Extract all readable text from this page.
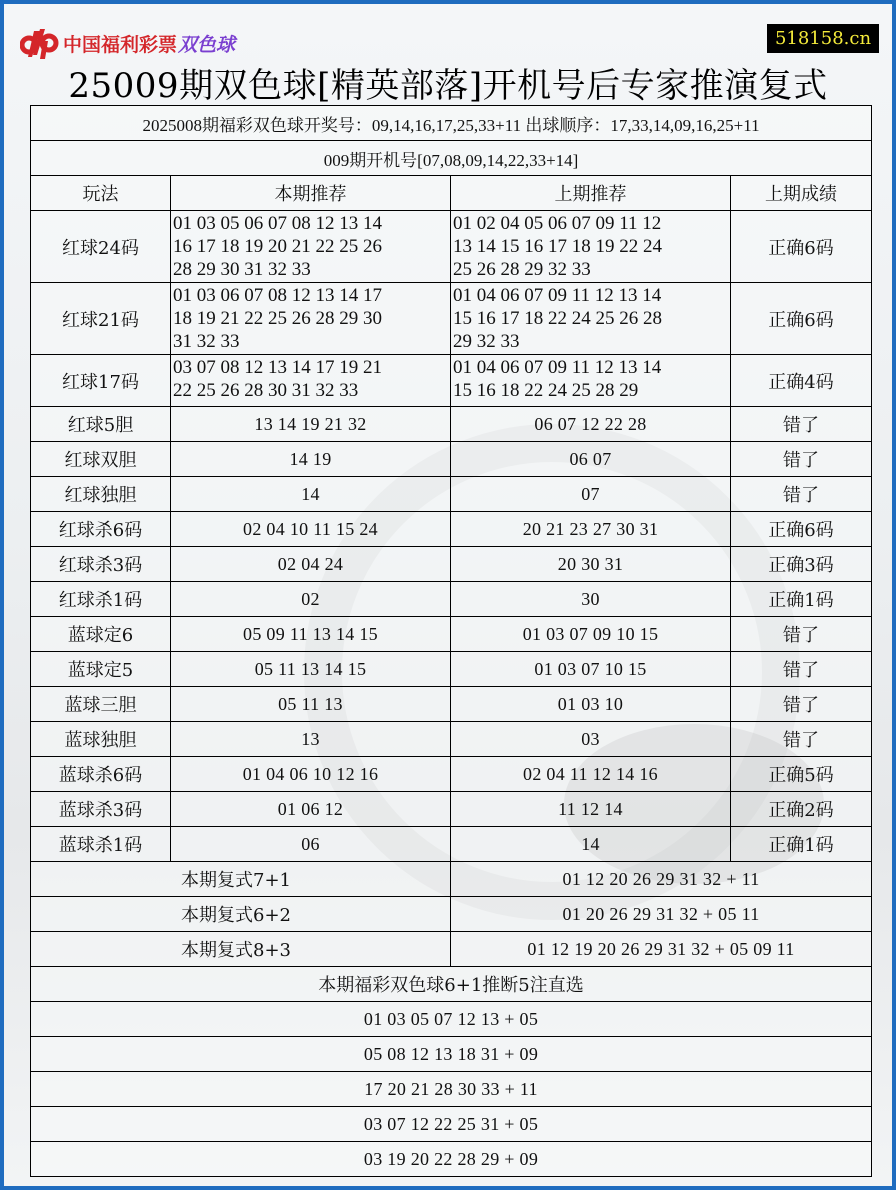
中国福利彩票 双色球	518158.cn
25009期双色球[精英部落]开机号后专家推演复式
2025008期福彩双色球开奖号：09,14,16,17,25,33+11 出球顺序：17,33,14,09,16,25+11			
009期开机号[07,08,09,14,22,33+14]			
玩法	本期推荐	上期推荐	上期成绩
红球24码	01 03 05 06 07 08 12 13 14
16 17 18 19 20 21 22 25 26
28 29 30 31 32 33	01 02 04 05 06 07 09 11 12
13 14 15 16 17 18 19 22 24
25 26 28 29 32 33	正确6码
红球21码	01 03 06 07 08 12 13 14 17
18 19 21 22 25 26 28 29 30
31 32 33	01 04 06 07 09 11 12 13 14
15 16 17 18 22 24 25 26 28
29 32 33	正确6码
红球17码	03 07 08 12 13 14 17 19 21
22 25 26 28 30 31 32 33	01 04 06 07 09 11 12 13 14
15 16 18 22 24 25 28 29	正确4码
红球5胆	13 14 19 21 32	06 07 12 22 28	错了
红球双胆	14 19	06 07	错了
红球独胆	14	07	错了
红球杀6码	02 04 10 11 15 24	20 21 23 27 30 31	正确6码
红球杀3码	02 04 24	20 30 31	正确3码
红球杀1码	02	30	正确1码
蓝球定6	05 09 11 13 14 15	01 03 07 09 10 15	错了
蓝球定5	05 11 13 14 15	01 03 07 10 15	错了
蓝球三胆	05 11 13	01 03 10	错了
蓝球独胆	13	03	错了
蓝球杀6码	01 04 06 10 12 16	02 04 11 12 14 16	正确5码
蓝球杀3码	01 06 12	11 12 14	正确2码
蓝球杀1码	06	14	正确1码
本期复式7+1		01 12 20 26 29 31 32 + 11	
本期复式6+2		01 20 26 29 31 32 + 05 11	
本期复式8+3		01 12 19 20 26 29 31 32 + 05 09 11	
本期福彩双色球6+1推断5注直选			
01 03 05 07 12 13 + 05			
05 08 12 13 18 31 + 09			
17 20 21 28 30 33 + 11			
03 07 12 22 25 31 + 05			
03 19 20 22 28 29 + 09			
